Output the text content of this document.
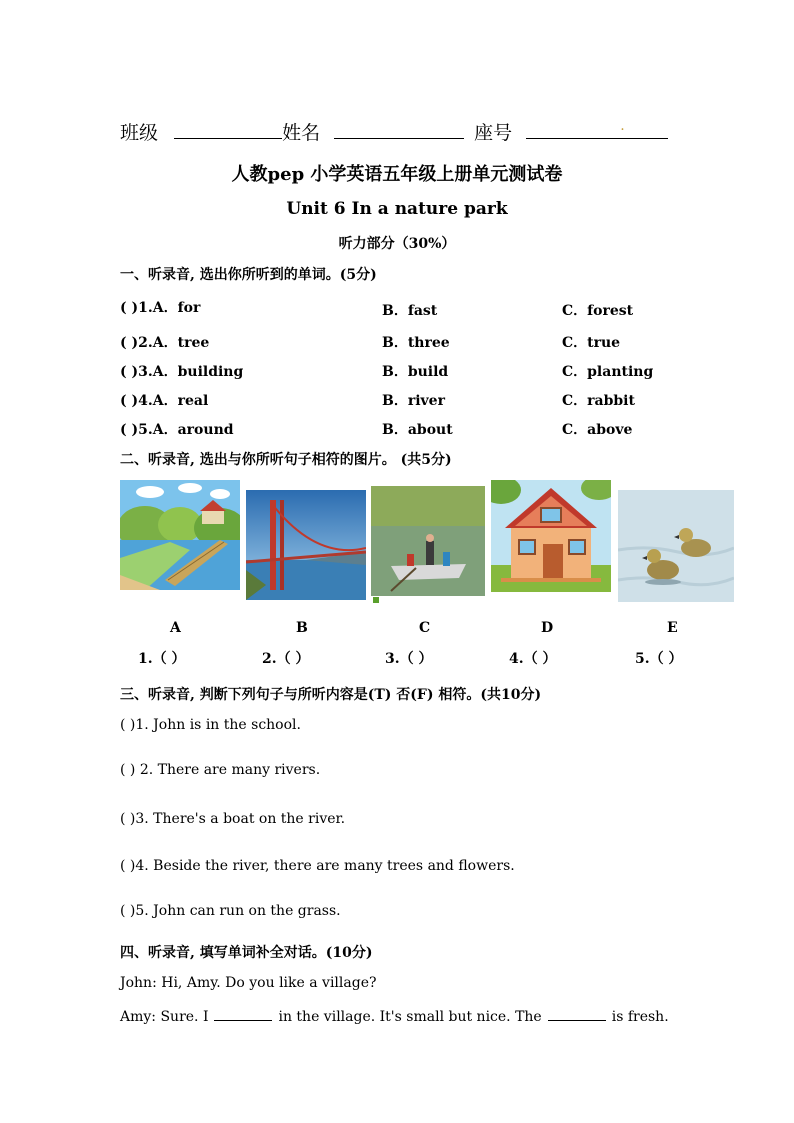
班级	姓名	座号	.
人教pep 小学英语五年级上册单元测试卷
Unit 6 In a nature park
听力部分（30%）
一、听录音, 选出你所听到的单词。(5分)
( )1.A．for	B．fast	C．forest
( )2.A．tree	B．three	C．true
( )3.A．building	B．build	C．planting
( )4.A．real	B．river	C．rabbit
( )5.A．around	B．about	C．above
二、听录音, 选出与你所听句子相符的图片。 (共5分)
A	B	C	D	E
1.（ ）	2.（ ）	3.（ ）	4.（ ）	5.（ ）
三、听录音, 判断下列句子与所听内容是(T) 否(F) 相符。(共10分)
( )1. John is in the school.
( ) 2. There are many rivers.
( )3. There's a boat on the river.
( )4. Beside the river, there are many trees and flowers.
( )5. John can run on the grass.
四、听录音, 填写单词补全对话。(10分)
John: Hi, Amy. Do you like a village?
Amy: Sure. I	in the village. It's small but nice. The	is fresh.
